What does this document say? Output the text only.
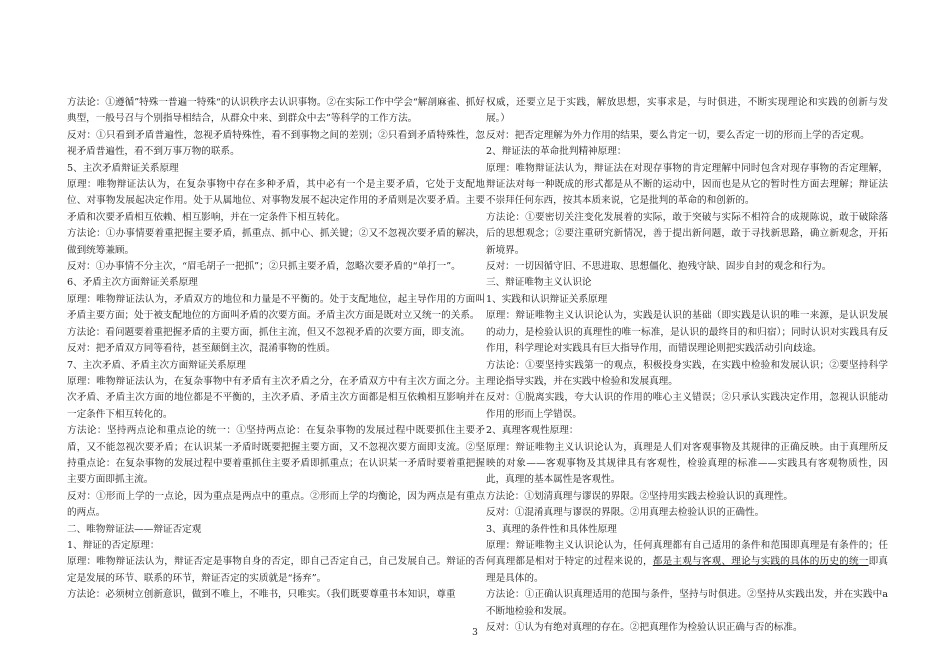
方法论：①遵循”特殊一普遍一特殊“的认识秩序去认识事物。②在实际工作中学会“解剖麻雀、抓好典型，一般号召与个别指导相结合，从群众中来、到群众中去”等科学的工作方法。

反对：①只看到矛盾普遍性，忽视矛盾特殊性，看不到事物之间的差别；②只看到矛盾特殊性，忽视矛盾普遍性，看不到万事万物的联系。

5、主次矛盾辩证关系原理

原理：唯物辩证法认为，在复杂事物中存在多种矛盾，其中必有一个是主要矛盾，它处于支配地位、对事物发展起决定作用。处于从属地位、对事物发展不起决定作用的矛盾则是次要矛盾。主要矛盾和次要矛盾相互依赖、相互影响，并在一定条件下相互转化。

方法论：①办事情要着重把握主要矛盾，抓重点、抓中心、抓关键；②又不忽视次要矛盾的解决，做到统筹兼顾。

反对：①办事情不分主次，“眉毛胡子一把抓”；②只抓主要矛盾，忽略次要矛盾的“单打一”。

6、矛盾主次方面辩证关系原理

原理：唯物辩证法认为，矛盾双方的地位和力量是不平衡的。处于支配地位，起主导作用的方面叫矛盾主要方面；处于被支配地位的方面叫矛盾的次要方面。矛盾主次方面是既对立又统一的关系。

方法论：看问题要着重把握矛盾的主要方面，抓住主流，但又不忽视矛盾的次要方面，即支流。

反对：把矛盾双方同等看待，甚至颠倒主次，混淆事物的性质。

7、主次矛盾、矛盾主次方面辩证关系原理

原理：唯物辩证法认为，在复杂事物中有矛盾有主次矛盾之分，在矛盾双方中有主次方面之分。主次矛盾、矛盾主次方面的地位都是不平衡的，主次矛盾、矛盾主次方面都是相互依赖相互影响并在一定条件下相互转化的。

方法论：坚持两点论和重点论的统一：①坚持两点论：在复杂事物的发展过程中既要抓住主要矛盾，又不能忽视次要矛盾；在认识某一矛盾时既要把握主要方面，又不忽视次要方面即支流。②坚持重点论：在复杂事物的发展过程中要着重抓住主要矛盾即抓重点；在认识某一矛盾时要着重把握主要方面即抓主流。

反对：①形而上学的一点论，因为重点是两点中的重点。②形而上学的均衡论，因为两点是有重点的两点。

二、唯物辩证法——辩证否定观

1、辩证的否定原理：

原理：唯物辩证法认为，辩证否定是事物自身的否定，即自己否定自己，自己发展自己。辩证的否定是发展的环节、联系的环节，辩证否定的实质就是“扬弃”。

方法论：必须树立创新意识，做到不唯上，不唯书，只唯实。（我们既要尊重书本知识，尊重

权威，还要立足于实践，解放思想，实事求是，与时俱进，不断实现理论和实践的创新与发展。）

反对：把否定理解为外力作用的结果，要么肯定一切，要么否定一切的形而上学的否定观。

2、辩证法的革命批判精神原理：

原理：唯物辩证法认为，辩证法在对现存事物的肯定理解中同时包含对现存事物的否定理解，辩证法对每一种既成的形式都是从不断的运动中，因而也是从它的暂时性方面去理解；辩证法不崇拜任何东西，按其本质来说，它是批判的革命的和创新的。

方法论：①要密切关注变化发展着的实际，敢于突破与实际不相符合的成规陈说，敢于破除落后的思想观念；②要注重研究新情况，善于提出新问题，敢于寻找新思路，确立新观念，开拓新境界。

反对：一切因循守旧、不思进取、思想僵化、抱残守缺、固步自封的观念和行为。

三、辩证唯物主义认识论

1、实践和认识辩证关系原理

原理：辩证唯物主义认识论认为，实践是认识的基础（即实践是认识的唯一来源，是认识发展的动力，是检验认识的真理性的唯一标准，是认识的最终目的和归宿）；同时认识对实践具有反作用，科学理论对实践具有巨大指导作用，而错误理论则把实践活动引向歧途。

方法论：①要坚持实践第一的观点，积极投身实践，在实践中检验和发展认识；②要坚持科学理论指导实践，并在实践中检验和发展真理。

反对：①脱离实践，夸大认识的作用的唯心主义错误；②只承认实践决定作用，忽视认识能动作用的形而上学错误。

2、真理客观性原理：

原理：辩证唯物主义认识论认为，真理是人们对客观事物及其规律的正确反映。由于真理所反映的对象——客观事物及其规律具有客观性，检验真理的标准——实践具有客观物质性，因此，真理的基本属性是客观性。

方法论：①划清真理与谬误的界限。②坚持用实践去检验认识的真理性。

反对：①混淆真理与谬误的界限。②用真理去检验认识的正确性。

3、真理的条件性和具体性原理

原理：辩证唯物主义认识论认为，任何真理都有自己适用的条件和范围即真理是有条件的；任何真理都是相对于特定的过程来说的，都是主观与客观、理论与实践的具体的历史的统一即真理是具体的。

方法论：①正确认识真理适用的范围与条件，坚持与时俱进。②坚持从实践出发，并在实践中a不断地检验和发展。

反对：①认为有绝对真理的存在。②把真理作为检验认识正确与否的标准。

3
